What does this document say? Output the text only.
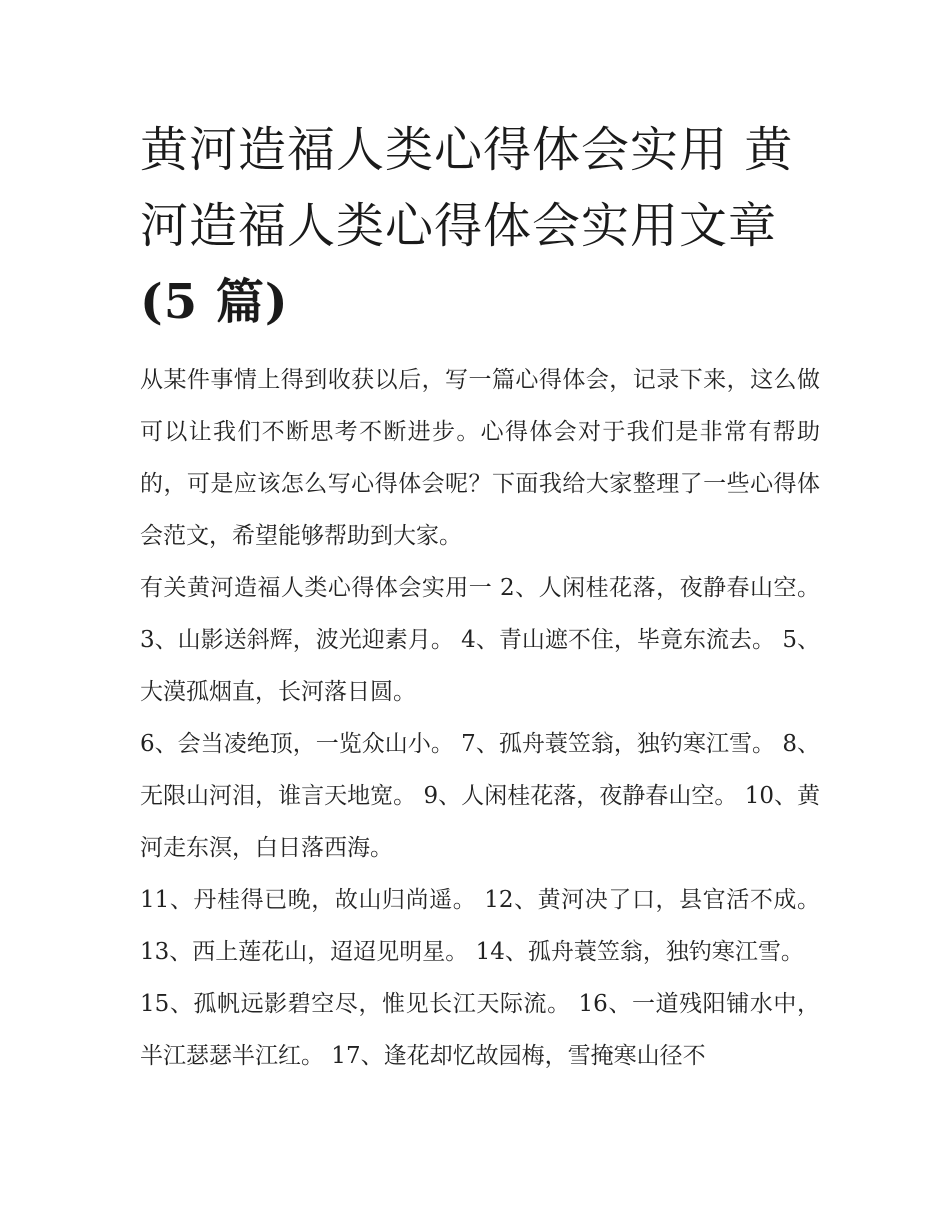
黄河造福人类心得体会实用 黄
河造福人类心得体会实用文章
(5 篇)

从某件事情上得到收获以后，写一篇心得体会，记录下来，这么做可以让我们不断思考不断进步。心得体会对于我们是非常有帮助的，可是应该怎么写心得体会呢？下面我给大家整理了一些心得体会范文，希望能够帮助到大家。

有关黄河造福人类心得体会实用一 2、人闲桂花落，夜静春山空。 3、山影送斜辉，波光迎素月。 4、青山遮不住，毕竟东流去。 5、大漠孤烟直，长河落日圆。

6、会当凌绝顶，一览众山小。 7、孤舟蓑笠翁，独钓寒江雪。 8、无限山河泪，谁言天地宽。 9、人闲桂花落，夜静春山空。 10、黄河走东溟，白日落西海。

11、丹桂得已晚，故山归尚遥。 12、黄河决了口，县官活不成。 13、西上莲花山，迢迢见明星。 14、孤舟蓑笠翁，独钓寒江雪。

15、孤帆远影碧空尽，惟见长江天际流。 16、一道残阳铺水中，半江瑟瑟半江红。 17、逢花却忆故园梅，雪掩寒山径不
